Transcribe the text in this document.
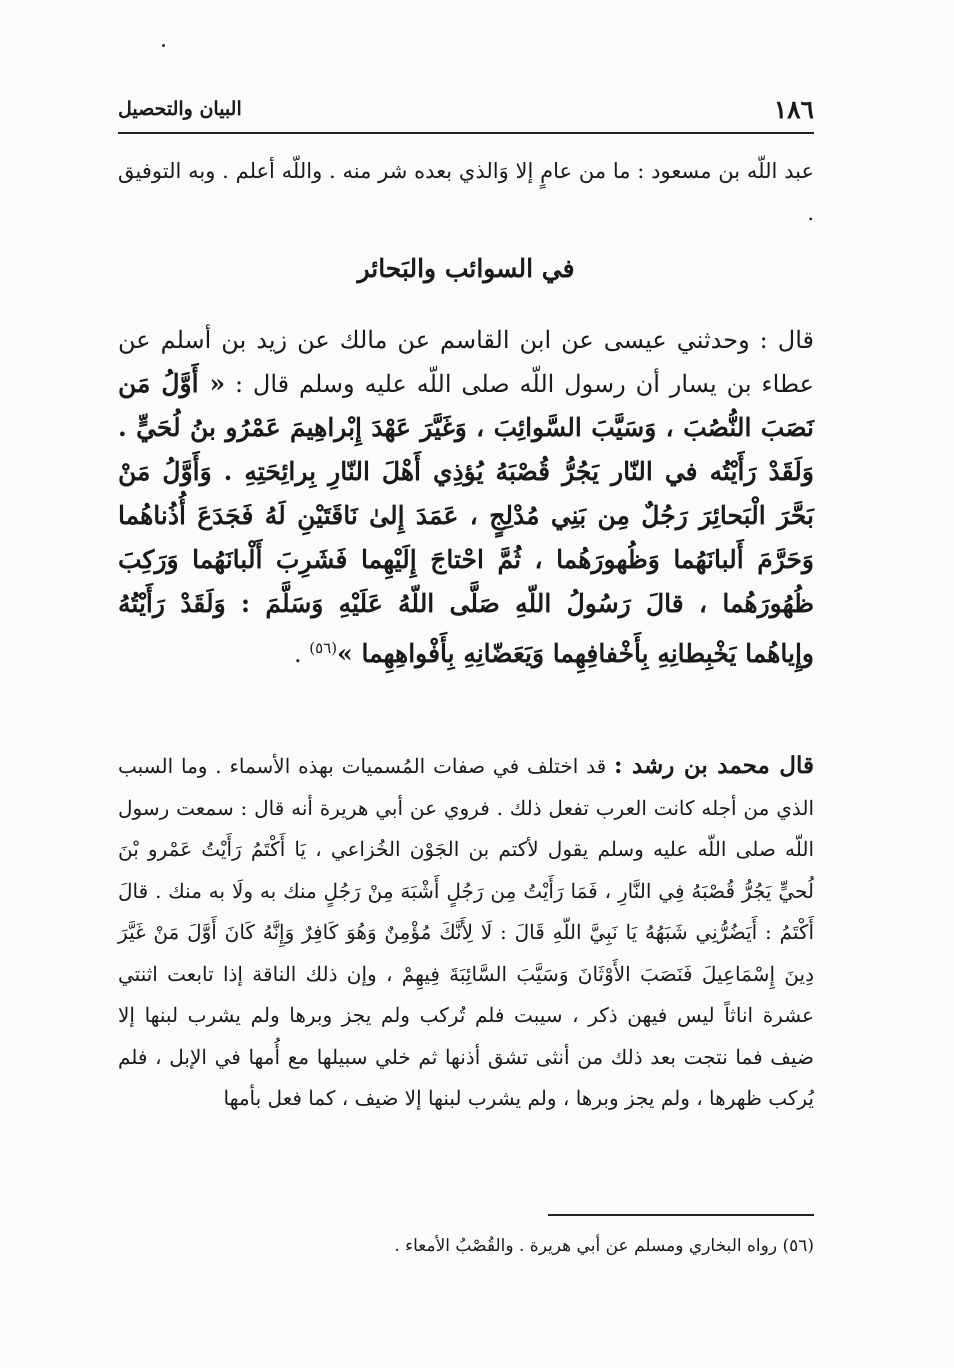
١٨٦
البيان والتحصيل

عبد اللّه بن مسعود : ما من عامٍ إلا وَالذي بعده شر منه . واللّه أعلم . وبه التوفيق .

في السوائب والبَحائر

قال : وحدثني عيسى عن ابن القاسم عن مالك عن زيد بن أسلم عن عطاء بن يسار أن رسول اللّه صلى اللّه عليه وسلم قال : « أَوَّلُ مَن نَصَبَ النُّصُبَ ، وَسَيَّبَ السَّوائِبَ ، وَغَيَّرَ عَهْدَ إِبْراهِيمَ عَمْرُو بنُ لُحَيٍّ . وَلَقَدْ رَأَيْتُه في النّار يَجُرُّ قُصْبَهُ يُؤذِي أَهْلَ النّارِ بِرائِحَتِهِ . وَأَوَّلُ مَنْ بَحَّرَ الْبَحائِرَ رَجُلٌ مِن بَنِي مُدْلِجٍ ، عَمَدَ إِلىٰ نَاقَتَيْنِ لَهُ فَجَدَعَ أُذُناهُما وَحَرَّمَ أَلبانَهُما وَظُهورَهُما ، ثُمَّ احْتاجَ إِلَيْهِما فَشَرِبَ أَلْبانَهُما وَرَكِبَ ظُهُورَهُما ، قالَ رَسُولُ اللّهِ صَلَّى اللّهُ عَلَيْهِ وَسَلَّمَ : وَلَقَدْ رَأَيْتُهُ وإِياهُما يَخْبِطانِهِ بِأَخْفافِهِما وَيَعَضّانِهِ بِأَفْواهِهِما »$^{(٥٦)}$ .

قال محمد بن رشد : قد اختلف في صفات المُسميات بهذه الأسماء . وما السبب الذي من أجله كانت العرب تفعل ذلك . فروي عن أبي هريرة أنه قال : سمعت رسول اللّه صلى اللّه عليه وسلم يقول لأكتم بن الجَوْن الخُزاعي ، يَا أَكْتَمُ رَأَيْتُ عَمْرو بْنَ لُحيٍّ يَجُرُّ قُصْبَهُ فِي النَّارِ ، فَمَا رَأَيْتُ مِن رَجُلٍ أَشْبَهَ مِنْ رَجُلٍ منك به ولَا به منك . قالَ أَكْتَمُ : أَيَضُرُّنِي شَبَهُهُ يَا نَبِيَّ اللّهِ قَالَ : لَا لِأَنَّكَ مُؤْمِنٌ وَهُوَ كَافِرٌ وَإِنَّهُ كَانَ أَوَّلَ مَنْ غَيَّرَ دِينَ إِسْمَاعِيلَ فَنَصَبَ الأَوْثَانَ وَسَيَّبَ السَّائِبَةَ فِيهِمْ ، وإن ذلك الناقة إذا تابعت اثنتي عشرة اناثاً ليس فيهن ذكر ، سيبت فلم تُركب ولم يجز وبرها ولم يشرب لبنها إلا ضيف فما نتجت بعد ذلك من أنثى تشق أذنها ثم خلي سبيلها مع أُمها في الإبل ، فلم يُركب ظهرها ، ولم يجز وبرها ، ولم يشرب لبنها إلا ضيف ، كما فعل بأمها

(٥٦) رواه البخاري ومسلم عن أبي هريرة . والقُصْبُ الأمعاء .
